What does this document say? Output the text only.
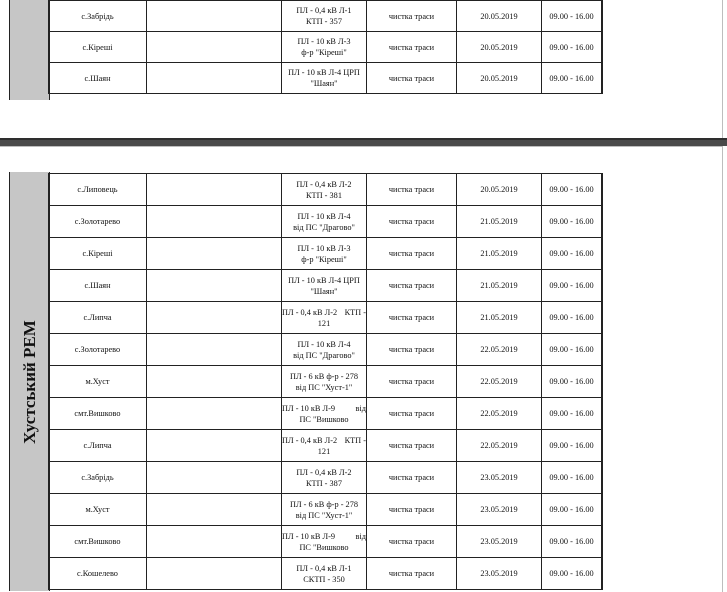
с.Забрідь		ПЛ - 0,4 кВ Л-1
КТП - 357	чистка траси	20.05.2019	09.00 - 16.00	
с.Кіреші		ПЛ - 10 кВ Л-3
ф-р "Кіреші"	чистка траси	20.05.2019	09.00 - 16.00	
с.Шаян		ПЛ - 10 кВ Л-4 ЦРП
"Шаян"	чистка траси	20.05.2019	09.00 - 16.00	
Хустський РЕМ
с.Липовець		ПЛ - 0,4 кВ Л-2
КТП - 381	чистка траси	20.05.2019	09.00 - 16.00	
с.Золотарево		ПЛ - 10 кВ Л-4
від ПС "Драгово"	чистка траси	21.05.2019	09.00 - 16.00	
с.Кіреші		ПЛ - 10 кВ Л-3
ф-р "Кіреші"	чистка траси	21.05.2019	09.00 - 16.00	
с.Шаян		ПЛ - 10 кВ Л-4 ЦРП
"Шаян"	чистка траси	21.05.2019	09.00 - 16.00	
с.Липча		ПЛ - 0,4 кВ Л-2 КТП -
121	чистка траси	21.05.2019	09.00 - 16.00	
с.Золотарево		ПЛ - 10 кВ Л-4
від ПС "Драгово"	чистка траси	22.05.2019	09.00 - 16.00	
м.Хуст		ПЛ - 6 кВ ф-р - 278
від ПС "Хуст-1"	чистка траси	22.05.2019	09.00 - 16.00	
смт.Вишково		ПЛ - 10 кВ Л-9 від
ПС "Вишково	чистка траси	22.05.2019	09.00 - 16.00	
с.Липча		ПЛ - 0,4 кВ Л-2 КТП -
121	чистка траси	22.05.2019	09.00 - 16.00	
с.Забрідь		ПЛ - 0,4 кВ Л-2
КТП - 387	чистка траси	23.05.2019	09.00 - 16.00	
м.Хуст		ПЛ - 6 кВ ф-р - 278
від ПС "Хуст-1"	чистка траси	23.05.2019	09.00 - 16.00	
смт.Вишково		ПЛ - 10 кВ Л-9 від
ПС "Вишково	чистка траси	23.05.2019	09.00 - 16.00	
с.Кошелево		ПЛ - 0,4 кВ Л-1
СКТП - 350	чистка траси	23.05.2019	09.00 - 16.00	
